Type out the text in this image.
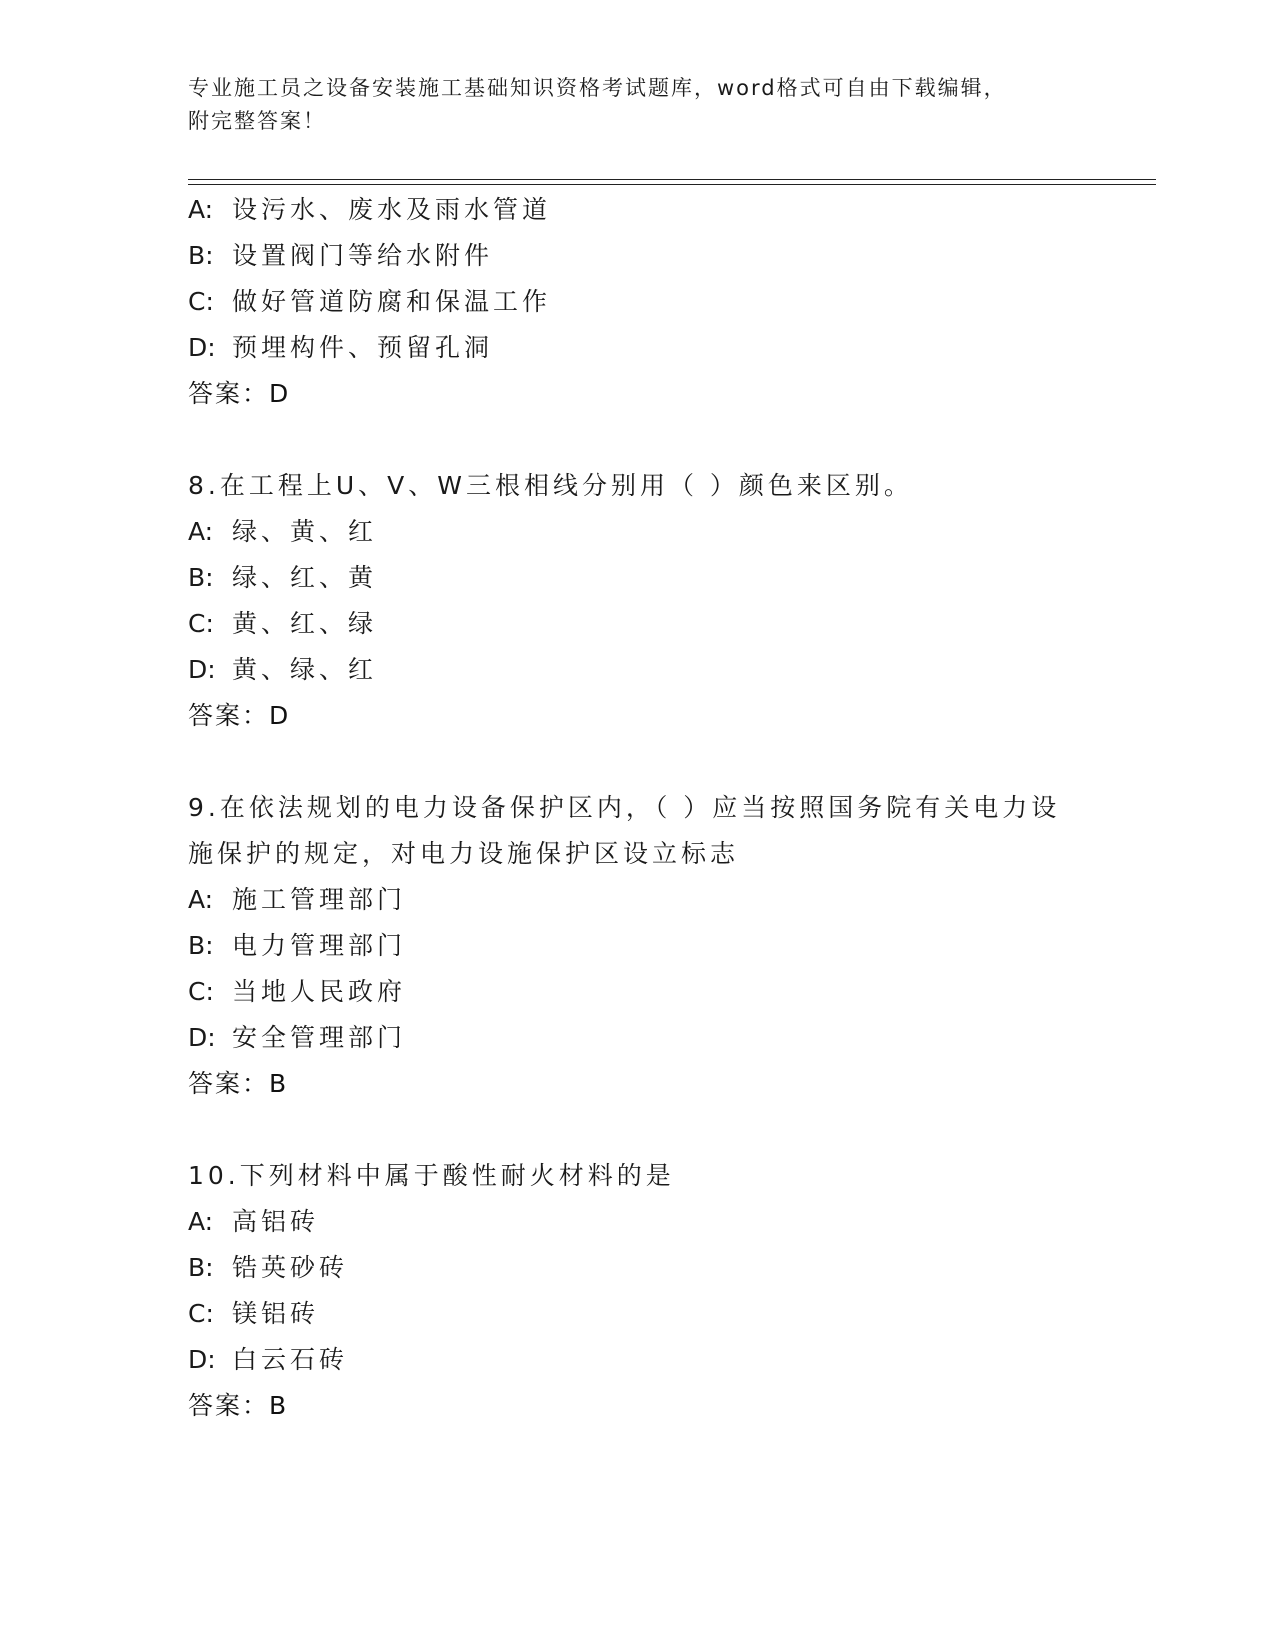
专业施工员之设备安装施工基础知识资格考试题库，word格式可自由下载编辑，
附完整答案！
A: 设污水、废水及雨水管道
B: 设置阀门等给水附件
C: 做好管道防腐和保温工作
D: 预埋构件、预留孔洞
答案：D
8.在工程上U、V、W三根相线分别用（ ）颜色来区别。
A: 绿、黄、红
B: 绿、红、黄
C: 黄、红、绿
D: 黄、绿、红
答案：D
9.在依法规划的电力设备保护区内，（ ）应当按照国务院有关电力设施保护的规定，对电力设施保护区设立标志
A: 施工管理部门
B: 电力管理部门
C: 当地人民政府
D: 安全管理部门
答案：B
10.下列材料中属于酸性耐火材料的是
A: 高铝砖
B: 锆英砂砖
C: 镁铝砖
D: 白云石砖
答案：B
